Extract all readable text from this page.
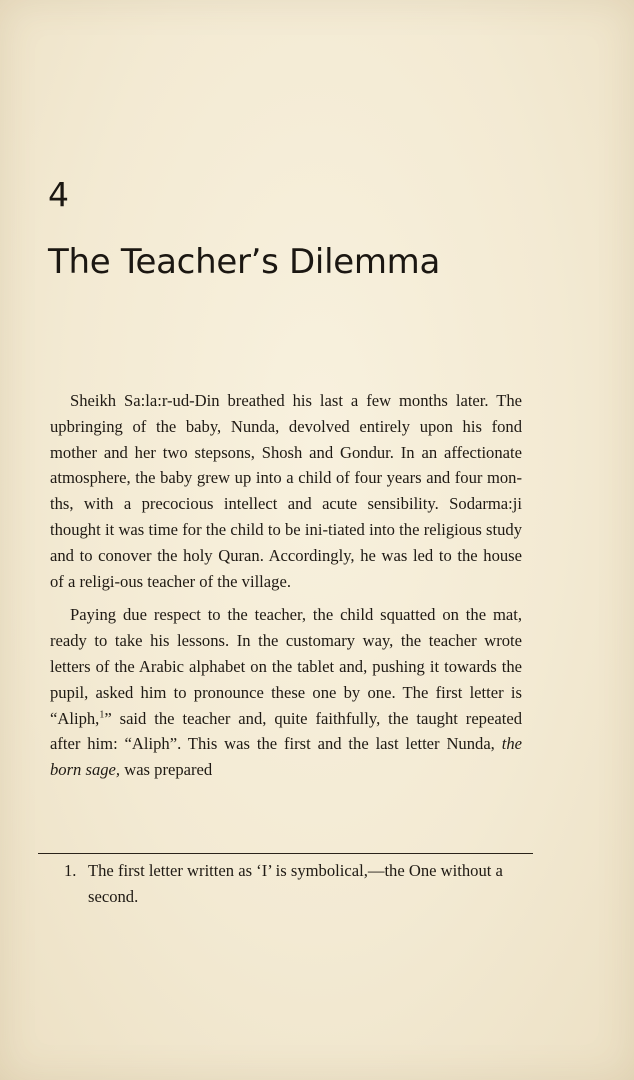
4
The Teacher’s Dilemma

Sheikh Sa:la:r-ud-Din breathed his last a few months later. The upbringing of the baby, Nunda, devolved entirely upon his fond mother and her two stepsons, Shosh and Gondur. In an affectionate atmosphere, the baby grew up into a child of four years and four mon-ths, with a precocious intellect and acute sensibility. Sodarma:ji thought it was time for the child to be ini-tiated into the religious study and to conover the holy Quran. Accordingly, he was led to the house of a religi-ous teacher of the village.

Paying due respect to the teacher, the child squatted on the mat, ready to take his lessons. In the customary way, the teacher wrote letters of the Arabic alphabet on the tablet and, pushing it towards the pupil, asked him to pronounce these one by one. The first letter is “Aliph,$^1$” said the teacher and, quite faithfully, the taught repeated after him: “Aliph”. This was the first and the last letter Nunda, the born sage, was prepared

1. The first letter written as ‘I’ is symbolical,—the One without a second.
